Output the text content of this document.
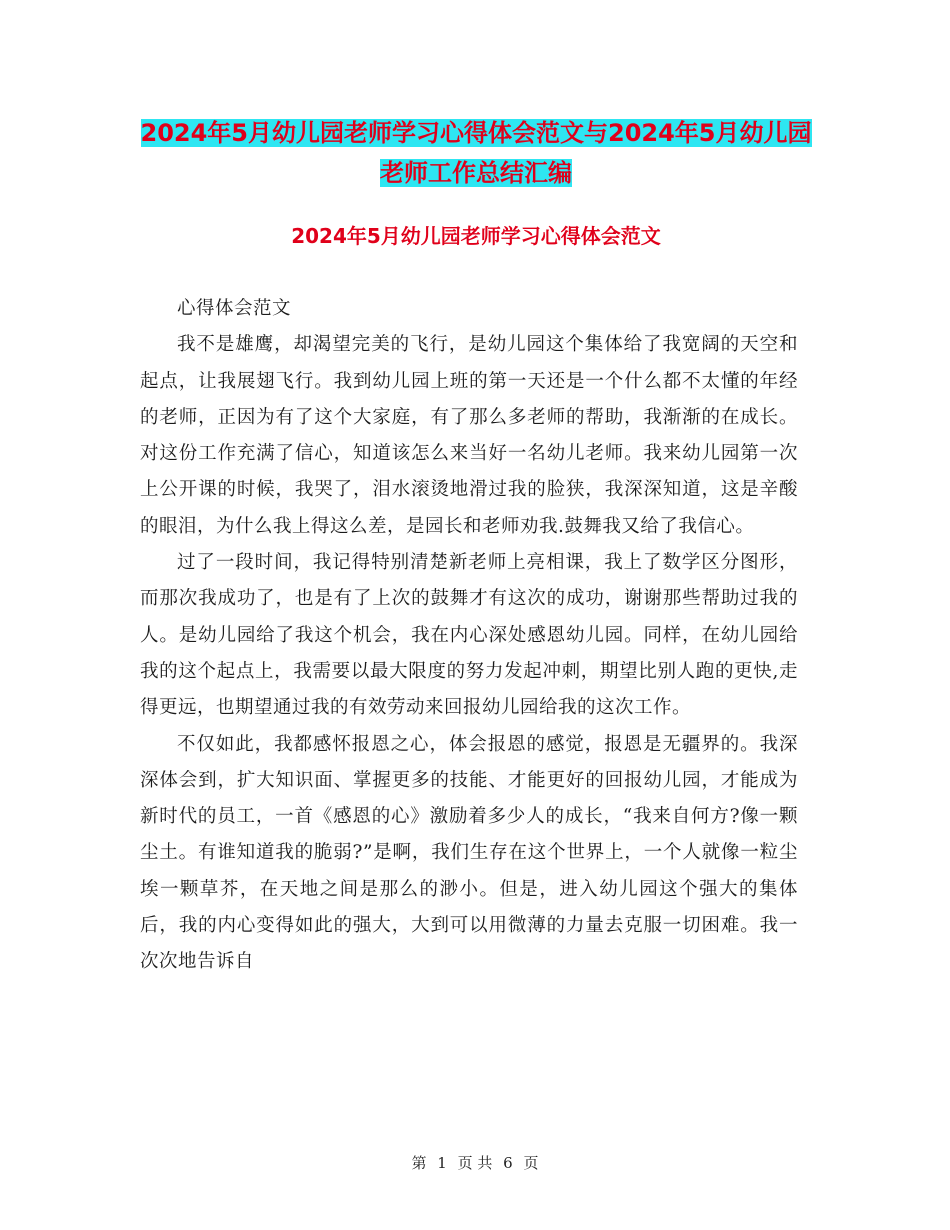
2024年5月幼儿园老师学习心得体会范文与2024年5月幼儿园老师工作总结汇编
2024年5月幼儿园老师学习心得体会范文

心得体会范文

我不是雄鹰，却渴望完美的飞行，是幼儿园这个集体给了我宽阔的天空和起点，让我展翅飞行。我到幼儿园上班的第一天还是一个什么都不太懂的年经的老师，正因为有了这个大家庭，有了那么多老师的帮助，我渐渐的在成长。对这份工作充满了信心，知道该怎么来当好一名幼儿老师。我来幼儿园第一次上公开课的时候，我哭了，泪水滚烫地滑过我的脸狭，我深深知道，这是辛酸的眼泪，为什么我上得这么差，是园长和老师劝我.鼓舞我又给了我信心。

过了一段时间，我记得特别清楚新老师上亮相课，我上了数学区分图形，而那次我成功了，也是有了上次的鼓舞才有这次的成功，谢谢那些帮助过我的人。是幼儿园给了我这个机会，我在内心深处感恩幼儿园。同样，在幼儿园给我的这个起点上，我需要以最大限度的努力发起冲刺，期望比别人跑的更快,走得更远，也期望通过我的有效劳动来回报幼儿园给我的这次工作。

不仅如此，我都感怀报恩之心，体会报恩的感觉，报恩是无疆界的。我深深体会到，扩大知识面、掌握更多的技能、才能更好的回报幼儿园，才能成为新时代的员工，一首《感恩的心》激励着多少人的成长，“我来自何方?像一颗尘土。有谁知道我的脆弱?”是啊，我们生存在这个世界上，一个人就像一粒尘埃一颗草芥，在天地之间是那么的渺小。但是，进入幼儿园这个强大的集体后，我的内心变得如此的强大，大到可以用微薄的力量去克服一切困难。我一次次地告诉自

第 1 页 共 6 页
